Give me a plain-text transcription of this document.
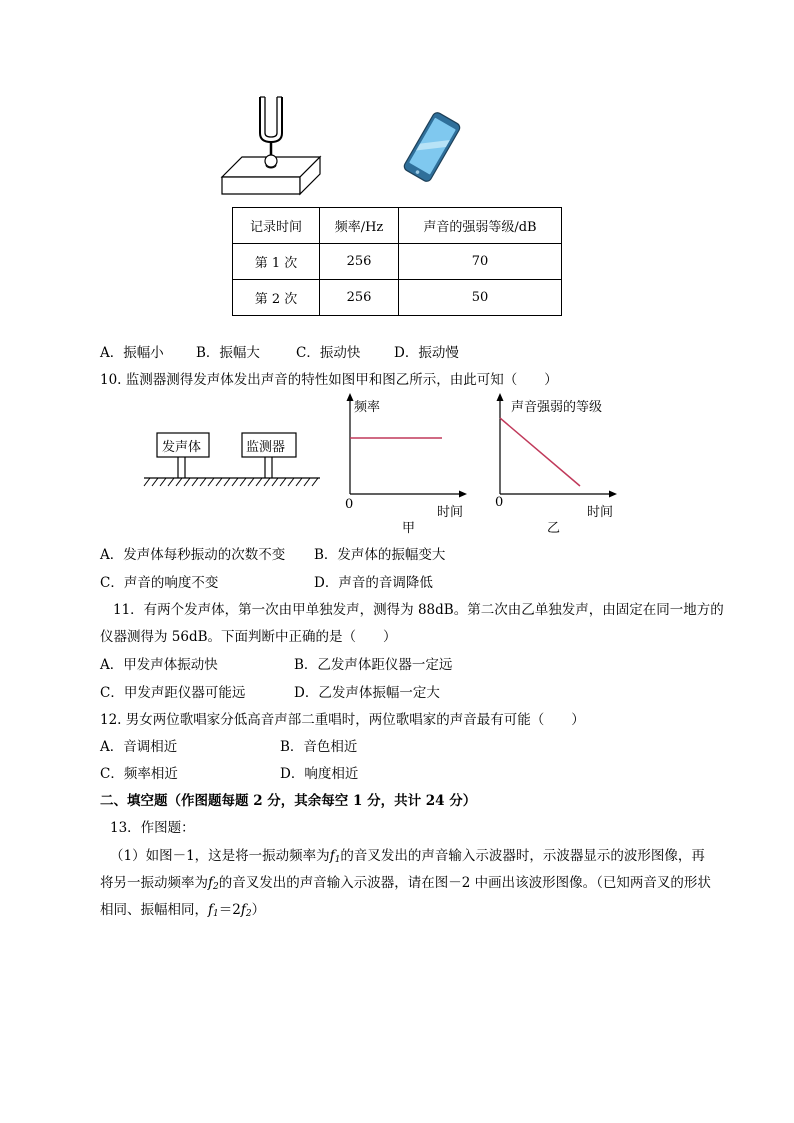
记录时间	频率/Hz	声音的强弱等级/dB
第 1 次	256	70
第 2 次	256	50
A．振幅小 B．振幅大	C．振动快 D．振动慢
10. 监测器测得发声体发出声音的特性如图甲和图乙所示，由此可知（　　）
发声体	监测器
频率
0
时间
甲
声音强弱的等级
0
时间
乙
A．发声体每秒振动的次数不变 B．发声体的振幅变大
C．声音的响度不变	D．声音的音调降低
11．有两个发声体，第一次由甲单独发声，测得为 88dB。第二次由乙单独发声，由固定在同一地方的
仪器测得为 56dB。下面判断中正确的是（　　）
A．甲发声体振动快	B．乙发声体距仪器一定远
C．甲发声距仪器可能远	D．乙发声体振幅一定大
12. 男女两位歌唱家分低高音声部二重唱时，两位歌唱家的声音最有可能（　　）
A．音调相近	B．音色相近
C．频率相近	D．响度相近
二、填空题（作图题每题 2 分，其余每空 1 分，共计 24 分）
13．作图题：
（1）如图－1，这是将一振动频率为f1的音叉发出的声音输入示波器时，示波器显示的波形图像，再
将另一振动频率为f2的音叉发出的声音输入示波器，请在图－2 中画出该波形图像。（已知两音叉的形状
相同、振幅相同，f1＝2f2）
